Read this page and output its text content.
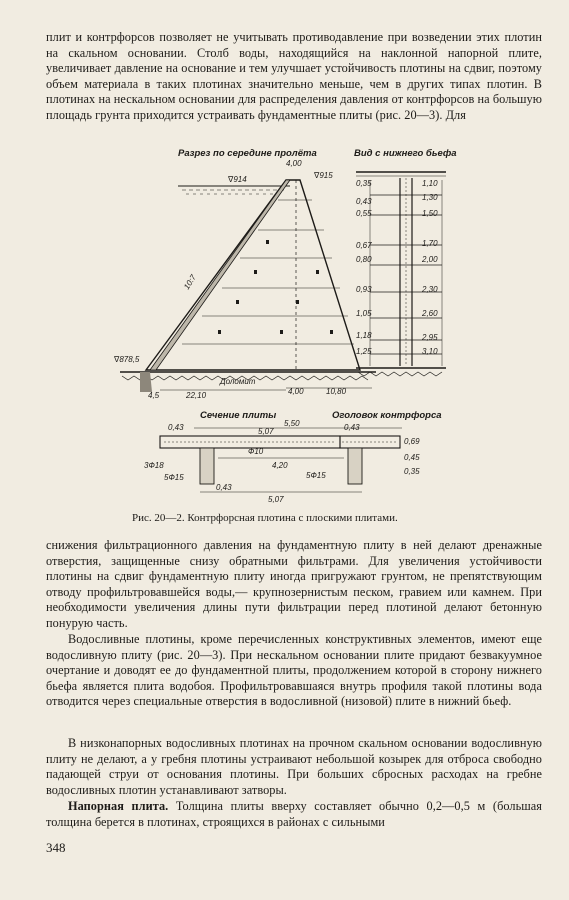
плит и контрфорсов позволяет не учитывать противодавление при возведении этих плотин на скальном основании. Столб воды, находящийся на наклонной напорной плите, увеличивает давление на основание и тем улучшает устойчивость плотины на сдвиг, поэтому объем материала в таких плотинах значительно меньше, чем в других типах плотин. В плотинах на нескальном основании для распределения давления от контрфорсов на большую площадь грунта приходится устраивать фундаментные плиты (рис. 20—3). Для

Разрез по середине пролёта	Вид с нижнего бьефа
∇914	∇915
4,00
10:7
∇878,5
4,5	22,10	4,00	10,80
Доломит
0,35
0,43
0,55
0,67
0,80
0,93
1,05
1,18
1,25
1,10
1,30
1,50
1,70
2,00
2,30
2,60
2,95
3,10
Сечение плиты	Оголовок контрфорса
5,50
5,07
0,43	0,43
3Ф18
5Ф15
Ф10
4,20
5Ф15
0,43
5,07
0,69
0,45
0,35

Рис. 20—2. Контрфорсная плотина с плоскими плитами.

снижения фильтрационного давления на фундаментную плиту в ней делают дренажные отверстия, защищенные снизу обратными фильтрами. Для увеличения устойчивости плотины на сдвиг фундаментную плиту иногда пригружают грунтом, не препятствующим отводу профильтровавшейся воды,— крупнозернистым песком, гравием или камнем. При необходимости увеличения длины пути фильтрации перед плотиной делают бетонную понурую часть.

Водосливные плотины, кроме перечисленных конструктивных элементов, имеют еще водосливную плиту (рис. 20—3). При нескальном основании плите придают безвакуумное очертание и доводят ее до фундаментной плиты, продолжением которой в сторону нижнего бьефа является плита водобоя. Профильтровавшаяся внутрь профиля такой плотины вода отводится через специальные отверстия в водосливной (низовой) плите в нижний бьеф.

В низконапорных водосливных плотинах на прочном скальном основании водосливную плиту не делают, а у гребня плотины устраивают небольшой козырек для отброса свободно падающей струи от основания плотины. При больших сбросных расходах на гребне водосливных плотин устанавливают затворы.

Напорная плита. Толщина плиты вверху составляет обычно 0,2—0,5 м (большая толщина берется в плотинах, строящихся в районах с сильными

348
